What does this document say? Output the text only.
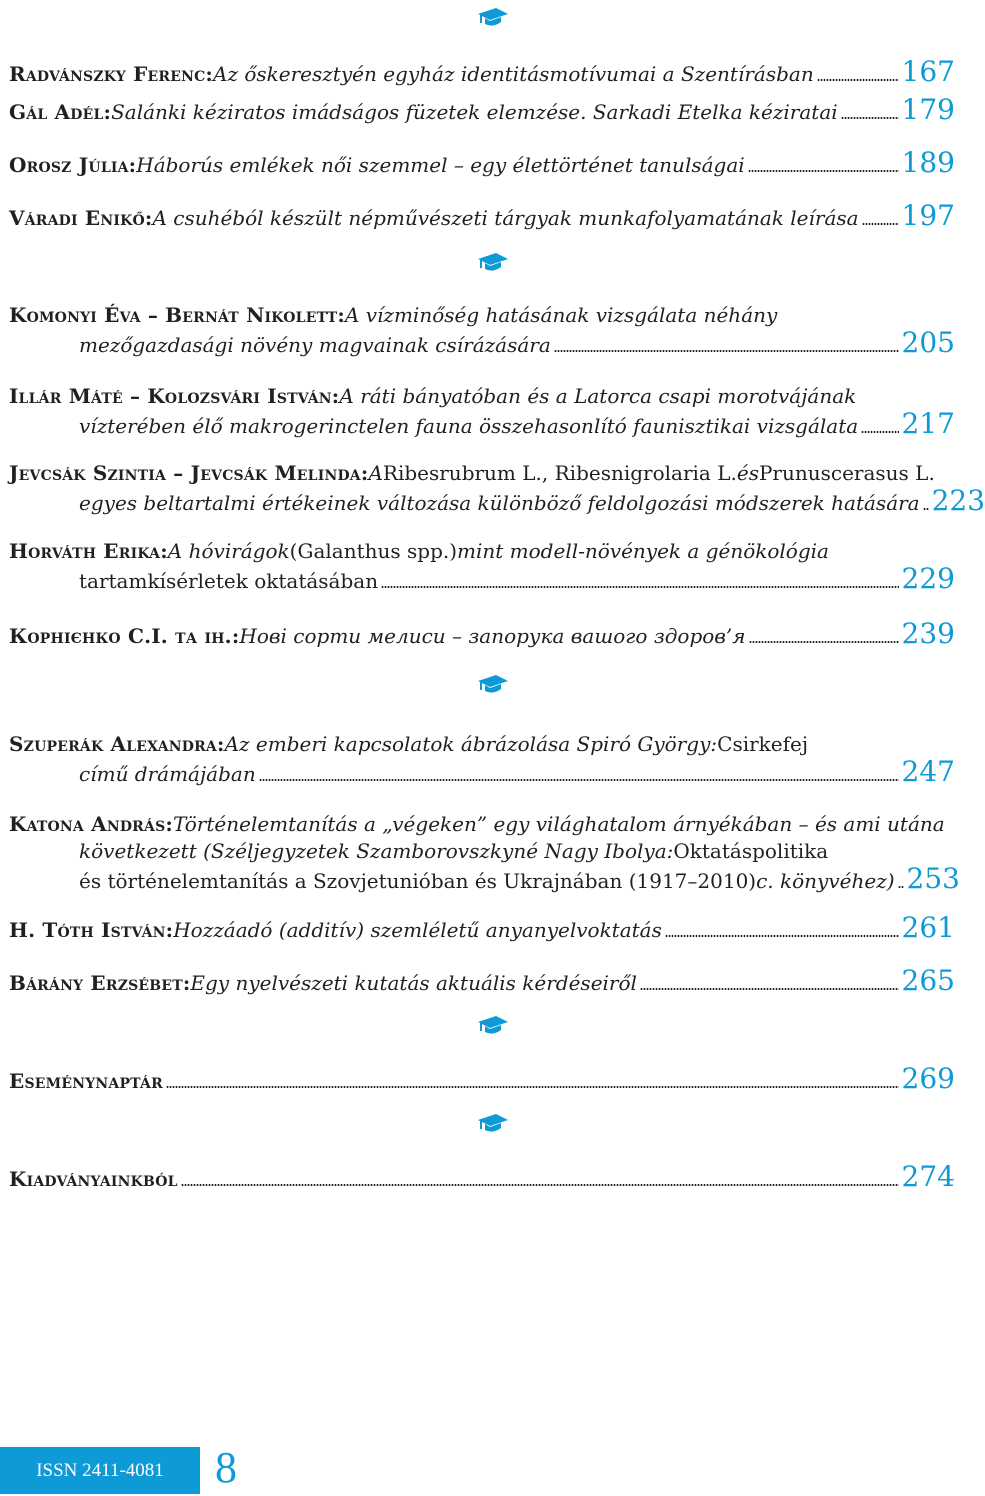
Radvánszky Ferenc: Az őskeresztyén egyház identitásmotívumai a Szentírásban	167
Gál Adél: Salánki kéziratos imádságos füzetek elemzése. Sarkadi Etelka kéziratai 179
Orosz Júlia: Háborús emlékek női szemmel – egy élettörténet tanulságai	189
Váradi Enikő: A csuhéból készült népművészeti tárgyak munkafolyamatának leírása 197
Komonyi Éva – Bernát Nikolett: A vízminőség hatásának vizsgálata néhány
mezőgazdasági növény magvainak csírázására	205
Illár Máté – Kolozsvári István: A ráti bányatóban és a Latorca csapi morotvájának
vízterében élő makrogerinctelen fauna összehasonlító faunisztikai vizsgálata 217
Jevcsák Szintia – Jevcsák Melinda: A Ribesrubrum L., Ribesnigrolaria L. és Prunuscerasus L.
egyes beltartalmi értékeinek változása különböző feldolgozási módszerek hatására 223
Horváth Erika: A hóvirágok (Galanthus spp.) mint modell-növények a génökológia
tartamkísérletek oktatásában	229
Корнієнко С.І. та ін.: Нові сорти мелиси – запорука вашого здоров’я	239
Szuperák Alexandra: Az emberi kapcsolatok ábrázolása Spiró György: Csirkefej
című drámájában	247
Katona András: Történelemtanítás a „végeken” egy világhatalom árnyékában – és ami utána
következett (Széljegyzetek Szamborovszkyné Nagy Ibolya: Oktatáspolitika
és történelemtanítás a Szovjetunióban és Ukrajnában (1917–2010) c. könyvéhez) 253
H. Tóth István: Hozzáadó (additív) szemléletű anyanyelvoktatás	261
Bárány Erzsébet: Egy nyelvészeti kutatás aktuális kérdéseiről	265
Eseménynaptár	269
Kiadványainkból	274
ISSN 2411-4081 8
